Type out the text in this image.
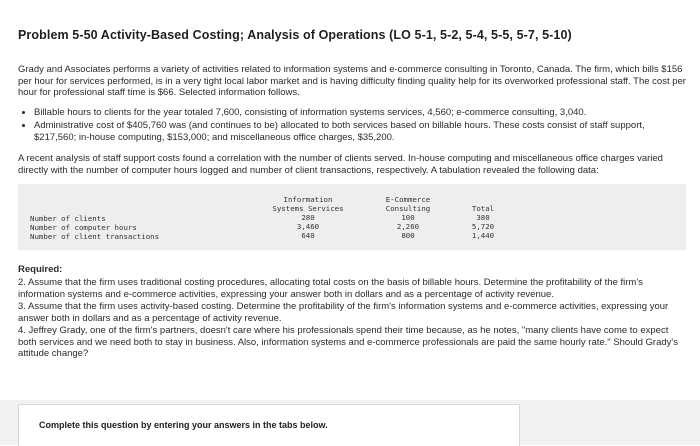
Problem 5-50 Activity-Based Costing; Analysis of Operations (LO 5-1, 5-2, 5-4, 5-5, 5-7, 5-10)

Grady and Associates performs a variety of activities related to information systems and e-commerce consulting in Toronto, Canada. The firm, which bills $156 per hour for services performed, is in a very tight local labor market and is having difficulty finding quality help for its overworked professional staff. The cost per hour for professional staff time is $66. Selected information follows.

• Billable hours to clients for the year totaled 7,600, consisting of information systems services, 4,560; e-commerce consulting, 3,040.
• Administrative cost of $405,760 was (and continues to be) allocated to both services based on billable hours. These costs consist of staff support, $217,560; in-house computing, $153,000; and miscellaneous office charges, $35,200.

A recent analysis of staff support costs found a correlation with the number of clients served. In-house computing and miscellaneous office charges varied directly with the number of computer hours logged and number of client transactions, respectively. A tabulation revealed the following data:

Number of clients
Number of computer hours
Number of client transactions
Information
Systems Services
280
3,460
640
E-Commerce
Consulting
100
2,260
800

Total
380
5,720
1,440
Required:

2. Assume that the firm uses traditional costing procedures, allocating total costs on the basis of billable hours. Determine the profitability of the firm's information systems and e-commerce activities, expressing your answer both in dollars and as a percentage of activity revenue.

3. Assume that the firm uses activity-based costing. Determine the profitability of the firm's information systems and e-commerce activities, expressing your answer both in dollars and as a percentage of activity revenue.

4. Jeffrey Grady, one of the firm's partners, doesn't care where his professionals spend their time because, as he notes, "many clients have come to expect both services and we need both to stay in business. Also, information systems and e-commerce professionals are paid the same hourly rate." Should Grady's attitude change?

Complete this question by entering your answers in the tabs below.
